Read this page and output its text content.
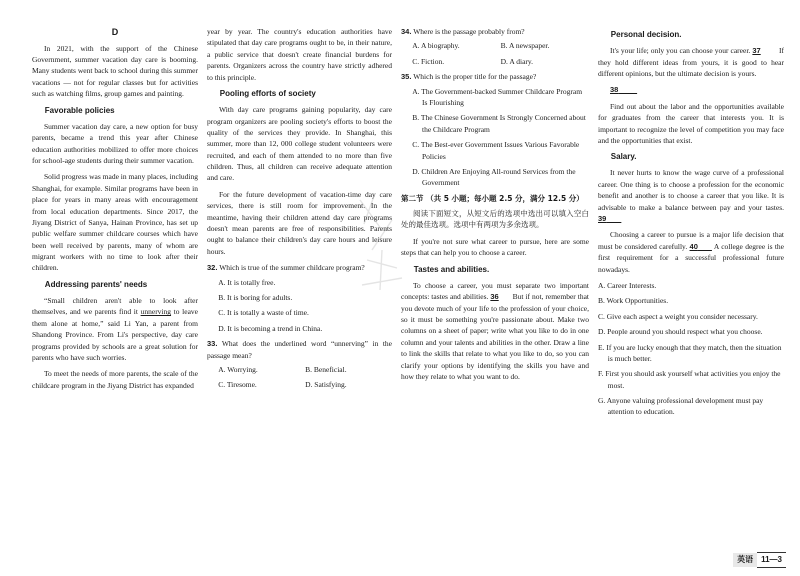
D

In 2021, with the support of the Chinese Government, summer vacation day care is booming. Many students went back to school during this summer vacations — not for regular classes but for activities such as watching films, group games and painting.

Favorable policies

Summer vacation day care, a new option for busy parents, became a trend this year after Chinese education authorities mobilized to offer more choices for school-age students during their summer vacation.

Solid progress was made in many places, including Shanghai, for example. Similar programs have been in place for years in many areas with encouragement from local education departments. Since 2017, the Jiyang District of Sanya, Hainan Province, has set up public welfare summer childcare courses which have been well received by parents, many of whom are migrant workers with no time to look after their children.

Addressing parents' needs

“Small children aren't able to look after themselves, and we parents find it unnerving to leave them alone at home,” said Li Yan, a parent from Shandong Province. From Li's perspective, day care programs provided by schools are a great solution for parents who have such worries.

To meet the needs of more parents, the scale of the childcare program in the Jiyang District has expanded

year by year. The country's education authorities have stipulated that day care programs ought to be, in their nature, a public service that doesn't create financial burdens for parents. Organizers across the country have strictly adhered to this principle.

Pooling efforts of society

With day care programs gaining popularity, day care program organizers are pooling society's efforts to boost the quality of the services they provide. In Shanghai, this summer, more than 12, 000 college student volunteers were recruited, and each of them attended to no more than five children. Thus, all children can receive adequate attention and care.

For the future development of vacation-time day care services, there is still room for improvement. In the meantime, having their children attend day care programs doesn't mean parents are free of responsibilities. Parents ought to balance their children's day care hours and leisure hours.

32. Which is true of the summer childcare program?

A. It is totally free.
B. It is boring for adults.
C. It is totally a waste of time.
D. It is becoming a trend in China.

33. What does the underlined word “unnerving” in the passage mean?

A. Worrying.	B. Beneficial.
C. Tiresome.	D. Satisfying.

34. Where is the passage probably from?

A. A biography.	B. A newspaper.
C. Fiction.	D. A diary.

35. Which is the proper title for the passage?

A. The Government-backed Summer Childcare Program Is Flourishing
B. The Chinese Government Is Strongly Concerned about the Childcare Program
C. The Best-ever Government Issues Various Favorable Policies
D. Children Are Enjoying All-round Services from the Government
第二节 （共 5 小题；每小题 2.5 分，满分 12.5 分）

阅读下面短文，从短文后的选项中选出可以填入空白处的最佳选项。选项中有两项为多余选项。

If you're not sure what career to pursue, here are some steps that can help you to choose a career.

Tastes and abilities.

To choose a career, you must separate two important concepts: tastes and abilities. 36 But if not, remember that you devote much of your life to the profession of your choice, so it must be something you're passionate about. Make two columns on a sheet of paper; write what you like to do in one column and your talents and abilities in the other. Draw a line to link the skills that relate to what you like to do, so you can clarify your options by identifying the skills you have and how they relate to what you want to do.

Personal decision.

It's your life; only you can choose your career. 37 If they hold different ideas from yours, it is good to hear different opinions, but the ultimate decision is yours.

38

Find out about the labor and the opportunities available for graduates from the career that interests you. It is important to recognize the level of competition you may face and the opportunities that exist.

Salary.

It never hurts to know the wage curve of a professional career. One thing is to choose a profession for the economic benefit and another is to choose a career that you like. It is advisable to make a balance between pay and your tastes. 39

Choosing a career to pursue is a major life decision that must be considered carefully. 40 A college degree is the first requirement for a successful professional future nowadays.

A. Career Interests.
B. Work Opportunities.
C. Give each aspect a weight you consider necessary.
D. People around you should respect what you choose.
E. If you are lucky enough that they match, then the situation is much better.
F. First you should ask yourself what activities you enjoy the most.
G. Anyone valuing professional development must pay attention to education.
英语	11—3
